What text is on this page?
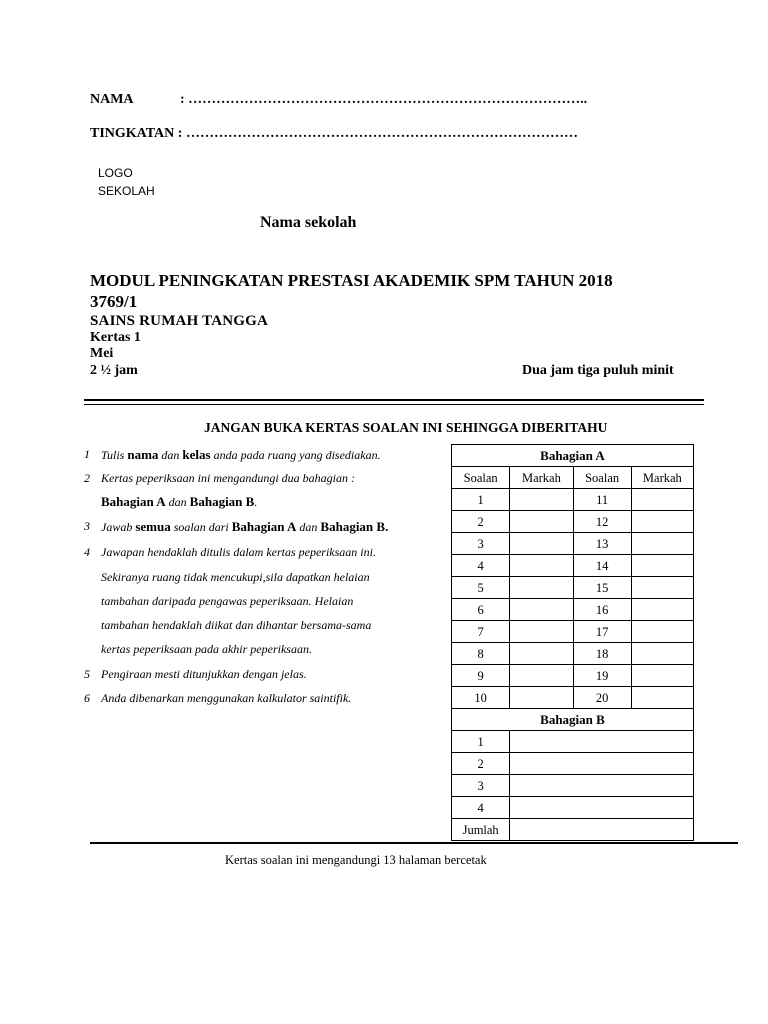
NAMA	: …………………………………………………………………………..
TINGKATAN : …………………………………………………………………………
LOGO
SEKOLAH
Nama sekolah
MODUL PENINGKATAN PRESTASI AKADEMIK SPM TAHUN 2018
3769/1
SAINS RUMAH TANGGA
Kertas 1
Mei
2 ½ jam	Dua jam tiga puluh minit
JANGAN BUKA KERTAS SOALAN INI SEHINGGA DIBERITAHU
1 Tulis nama dan kelas anda pada ruang yang disediakan.
2 Kertas peperiksaan ini mengandungi dua bahagian :
Bahagian A dan Bahagian B.
3 Jawab semua soalan dari Bahagian A dan Bahagian B.
4 Jawapan hendaklah ditulis dalam kertas peperiksaan ini.
Sekiranya ruang tidak mencukupi,sila dapatkan helaian
tambahan daripada pengawas peperiksaan. Helaian
tambahan hendaklah diikat dan dihantar bersama-sama
kertas peperiksaan pada akhir peperiksaan.
5 Pengiraan mesti ditunjukkan dengan jelas.
6 Anda dibenarkan menggunakan kalkulator saintifik.
Bahagian A			
Soalan	Markah	Soalan	Markah
1		11	
2		12	
3		13	
4		14	
5		15	
6		16	
7		17	
8		18	
9		19	
10		20	
Bahagian B			
1			
2			
3			
4			
Jumlah			
Kertas soalan ini mengandungi 13 halaman bercetak
